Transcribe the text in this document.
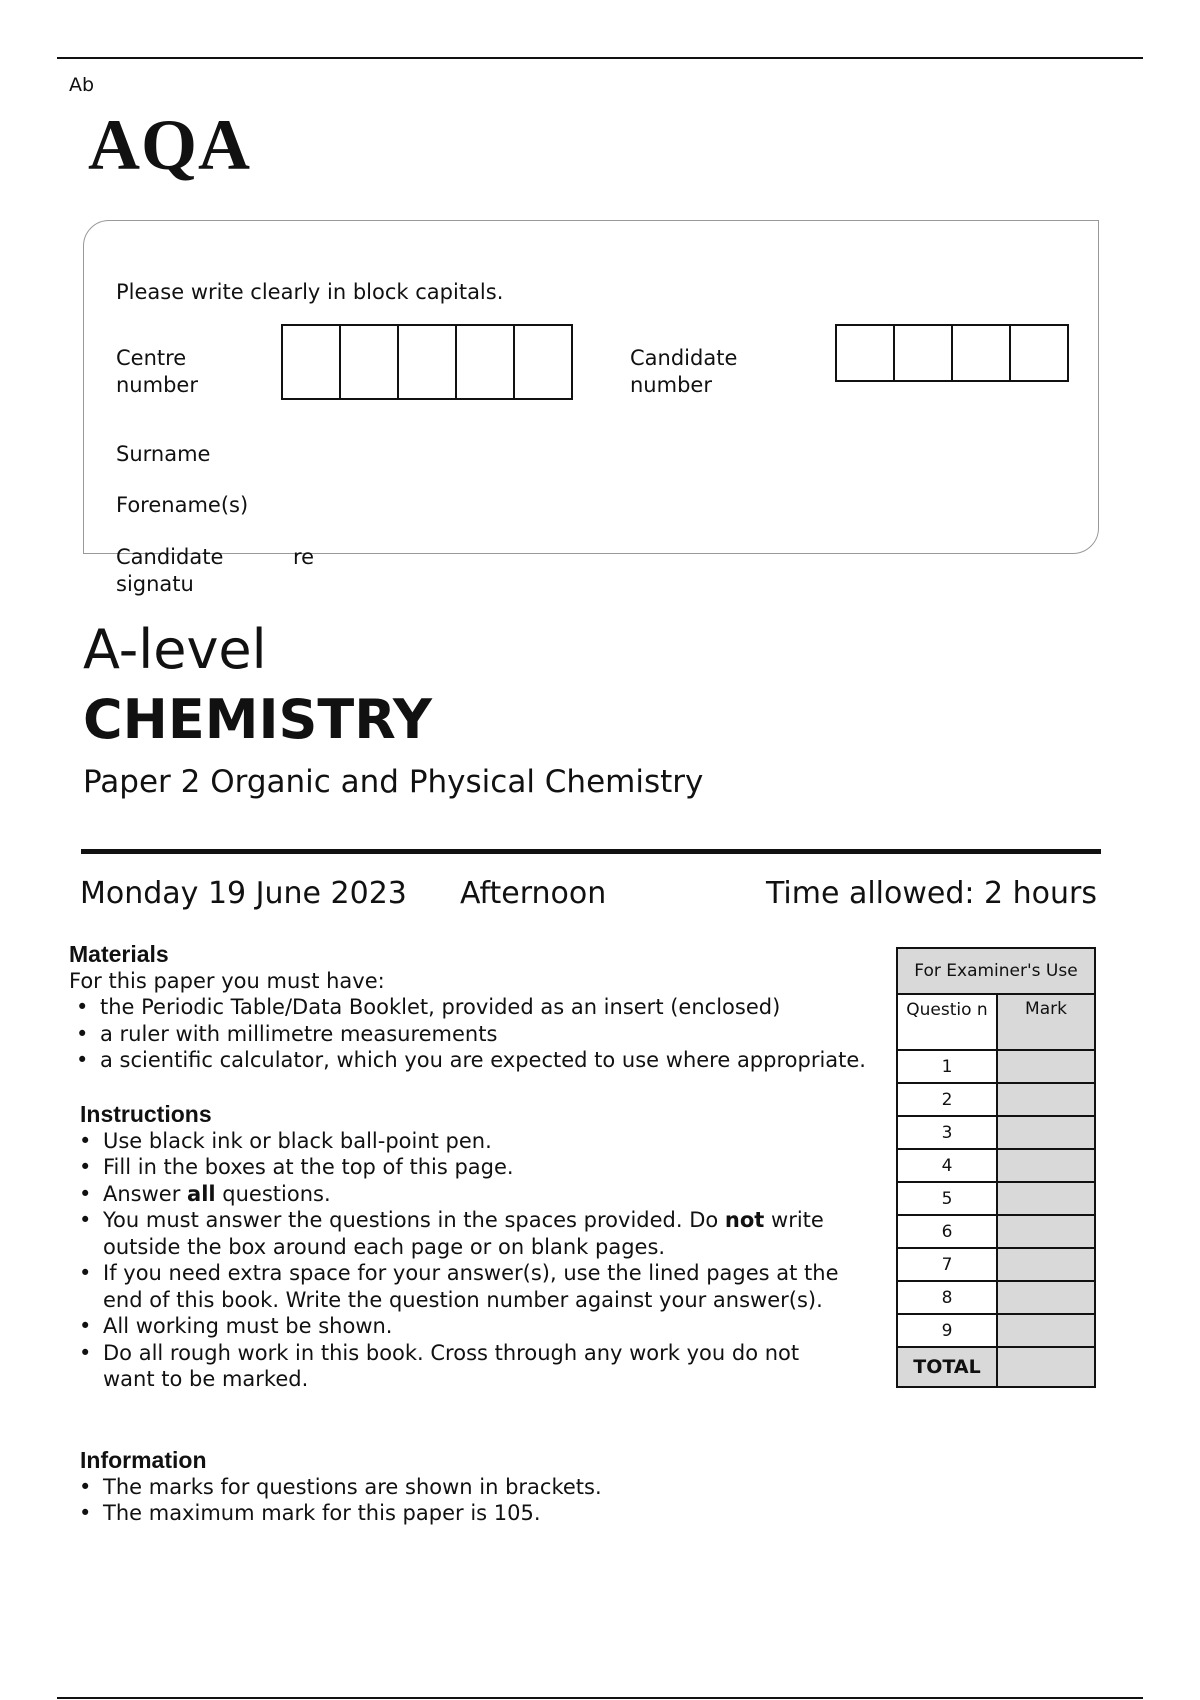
Ab
AQA
Please write clearly in block capitals.
Centre
number
Candidate
number
Surname
Forename(s)
Candidate
signatu
re
A-level
CHEMISTRY
Paper 2 Organic and Physical Chemistry
Monday 19 June 2023 Afternoon	Time allowed: 2 hours
Materials
For this paper you must have:
• the Periodic Table/Data Booklet, provided as an insert (enclosed)
• a ruler with millimetre measurements
• a scientific calculator, which you are expected to use where appropriate.
Instructions
• Use black ink or black ball-point pen.
• Fill in the boxes at the top of this page.
• Answer all questions.
• You must answer the questions in the spaces provided. Do not write outside the box around each page or on blank pages.
• If you need extra space for your answer(s), use the lined pages at the end of this book. Write the question number against your answer(s).
• All working must be shown.
• Do all rough work in this book. Cross through any work you do not want to be marked.
Information
• The marks for questions are shown in brackets.
• The maximum mark for this paper is 105.
For Examiner's Use	
Questio n	Mark
1	
2	
3	
4	
5	
6	
7	
8	
9	
TOTAL	
